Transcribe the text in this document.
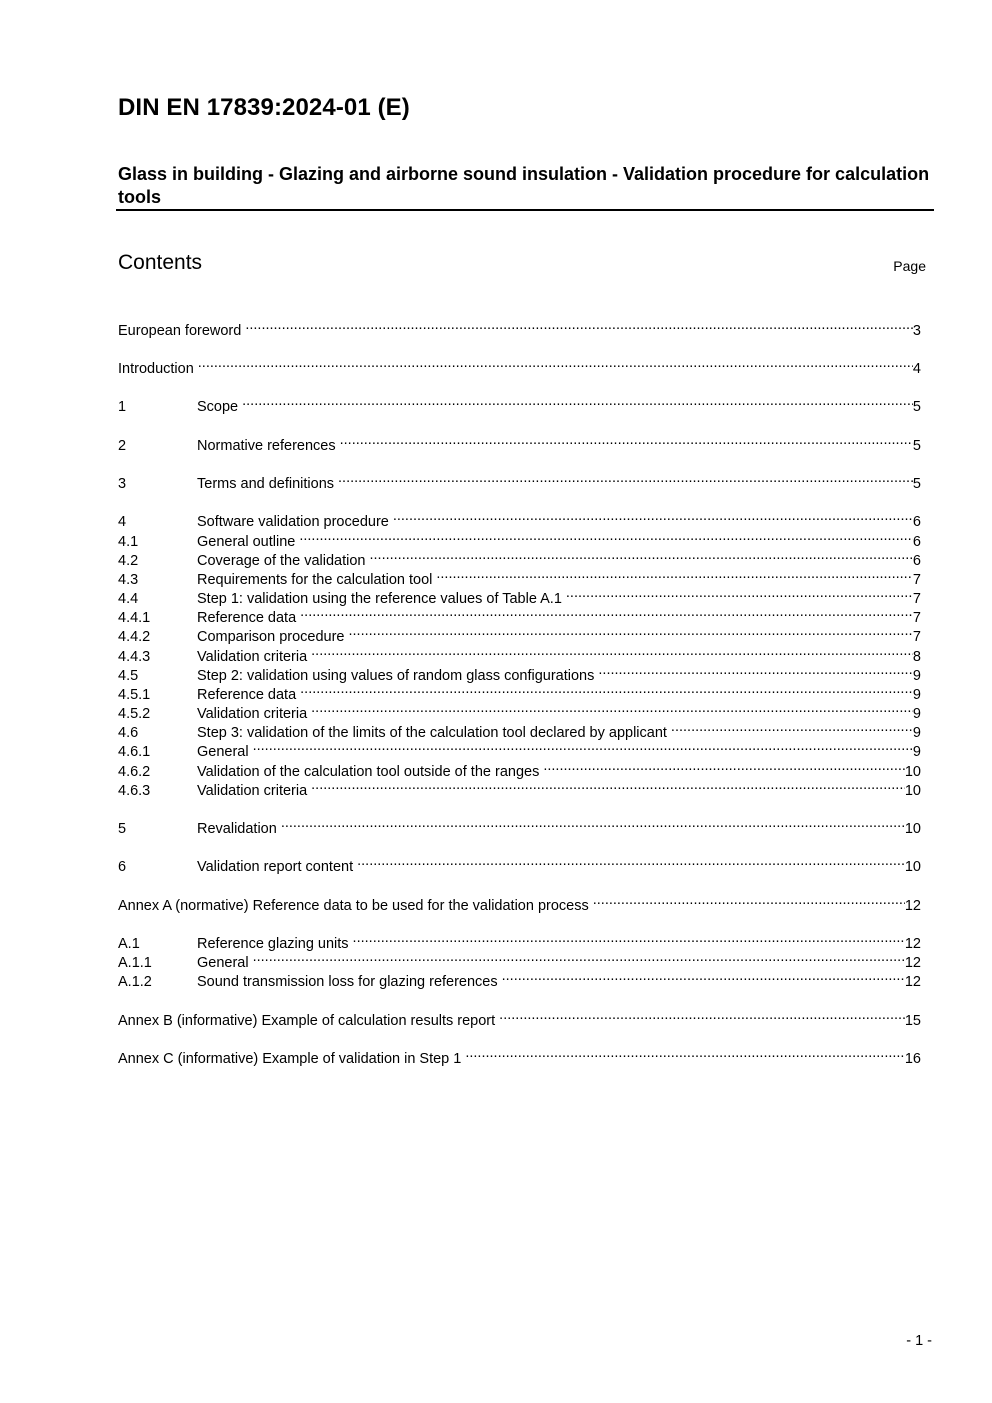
DIN EN 17839:2024-01 (E)
Glass in building - Glazing and airborne sound insulation - Validation procedure for calculation tools
Contents	Page
European foreword .....	3
Introduction .....	4
1	Scope .....	5
2	Normative references .....	5
3	Terms and definitions .....	5
4	Software validation procedure .....	6
4.1	General outline .....	6
4.2	Coverage of the validation .....	6
4.3	Requirements for the calculation tool .....	7
4.4	Step 1: validation using the reference values of Table A.1 .....	7
4.4.1	Reference data .....	7
4.4.2	Comparison procedure .....	7
4.4.3	Validation criteria .....	8
4.5	Step 2: validation using values of random glass configurations .....	9
4.5.1	Reference data .....	9
4.5.2	Validation criteria .....	9
4.6	Step 3: validation of the limits of the calculation tool declared by applicant .....	9
4.6.1	General .....	9
4.6.2	Validation of the calculation tool outside of the ranges .....	10
4.6.3	Validation criteria .....	10
5	Revalidation .....	10
6	Validation report content .....	10
Annex A (normative) Reference data to be used for the validation process .....	12
A.1	Reference glazing units .....	12
A.1.1	General .....	12
A.1.2	Sound transmission loss for glazing references .....	12
Annex B (informative) Example of calculation results report .....	15
Annex C (informative) Example of validation in Step 1 .....	16
- 1 -
